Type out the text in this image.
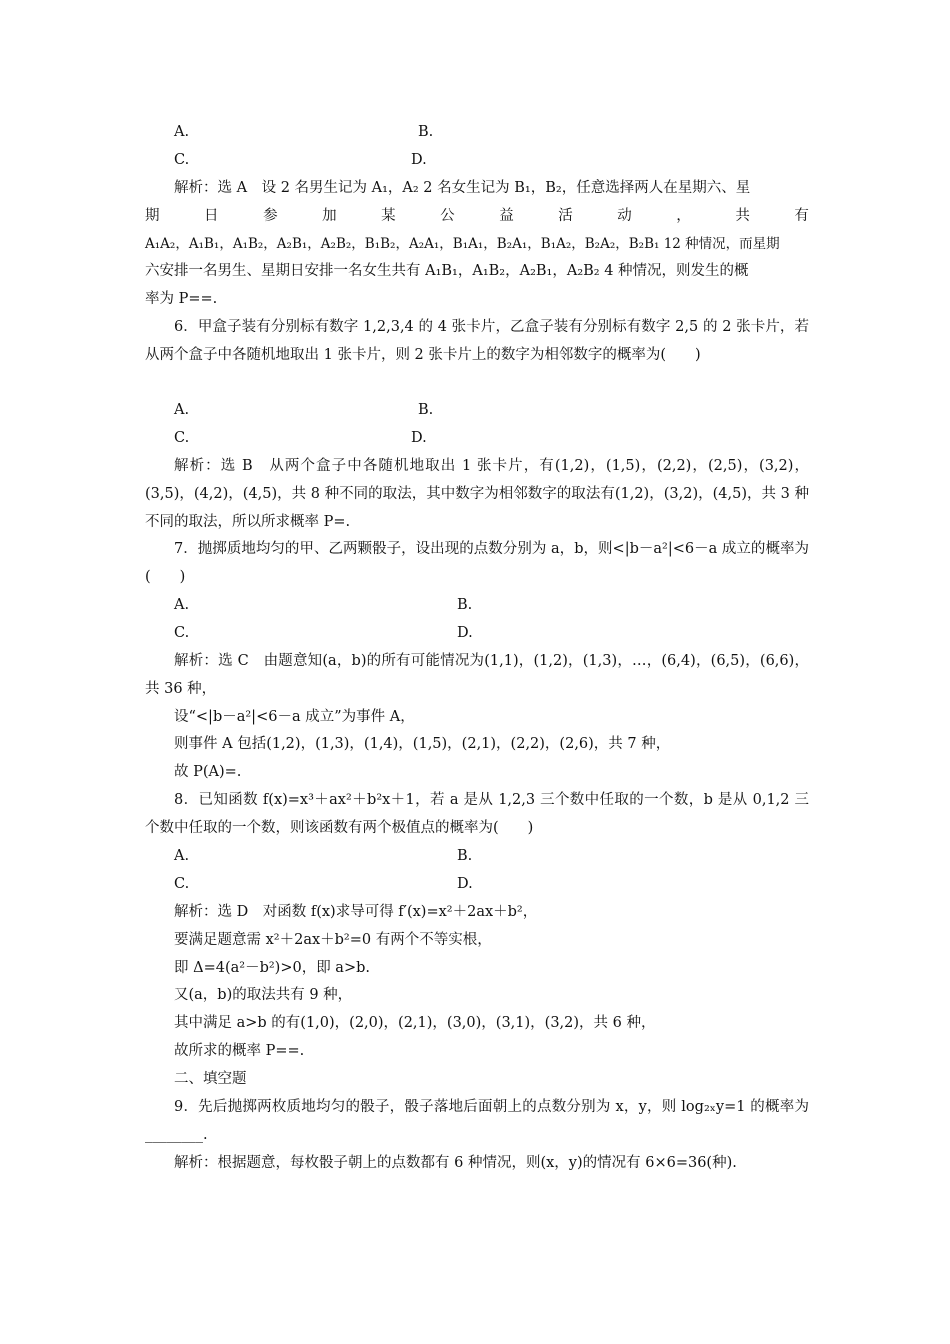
A.	B.
C.	D.
解析：选 A　设 2 名男生记为 A₁，A₂ 2 名女生记为 B₁，B₂，任意选择两人在星期六、星
期	日	参	加	某	公	益	活	动	，	共	有
A₁A₂，A₁B₁，A₁B₂，A₂B₁，A₂B₂，B₁B₂，A₂A₁，B₁A₁，B₂A₁，B₁A₂，B₂A₂，B₂B₁ 12 种情况，而星期
六安排一名男生、星期日安排一名女生共有 A₁B₁，A₁B₂，A₂B₁，A₂B₂ 4 种情况，则发生的概
率为 P==.

6．甲盒子装有分别标有数字 1,2,3,4 的 4 张卡片，乙盒子装有分别标有数字 2,5 的 2 张卡片，若从两个盒子中各随机地取出 1 张卡片，则 2 张卡片上的数字为相邻数字的概率为(　　)

A.	B.
C.	D.

解析：选 B　从两个盒子中各随机地取出 1 张卡片，有(1,2)，(1,5)，(2,2)，(2,5)，(3,2)，(3,5)，(4,2)，(4,5)，共 8 种不同的取法，其中数字为相邻数字的取法有(1,2)，(3,2)，(4,5)，共 3 种不同的取法，所以所求概率 P=.

7．抛掷质地均匀的甲、乙两颗骰子，设出现的点数分别为 a，b，则<|b－a²|<6－a 成立的概率为(　　)

A.	B.
C.	D.

解析：选 C　由题意知(a，b)的所有可能情况为(1,1)，(1,2)，(1,3)，…，(6,4)，(6,5)，(6,6)，共 36 种，

设“<|b－a²|<6－a 成立”为事件 A，
则事件 A 包括(1,2)，(1,3)，(1,4)，(1,5)，(2,1)，(2,2)，(2,6)，共 7 种，
故 P(A)=.

8．已知函数 f(x)=x³＋ax²＋b²x＋1，若 a 是从 1,2,3 三个数中任取的一个数，b 是从 0,1,2 三个数中任取的一个数，则该函数有两个极值点的概率为(　　)

A.	B.
C.	D.
解析：选 D　对函数 f(x)求导可得 f′(x)=x²＋2ax＋b²，
要满足题意需 x²＋2ax＋b²=0 有两个不等实根，
即 Δ=4(a²－b²)>0，即 a>b.
又(a，b)的取法共有 9 种，
其中满足 a>b 的有(1,0)，(2,0)，(2,1)，(3,0)，(3,1)，(3,2)，共 6 种，
故所求的概率 P==.
二、填空题

9．先后抛掷两枚质地均匀的骰子，骰子落地后面朝上的点数分别为 x，y，则 log₂ₓy=1 的概率为________.

解析：根据题意，每枚骰子朝上的点数都有 6 种情况，则(x，y)的情况有 6×6=36(种).
